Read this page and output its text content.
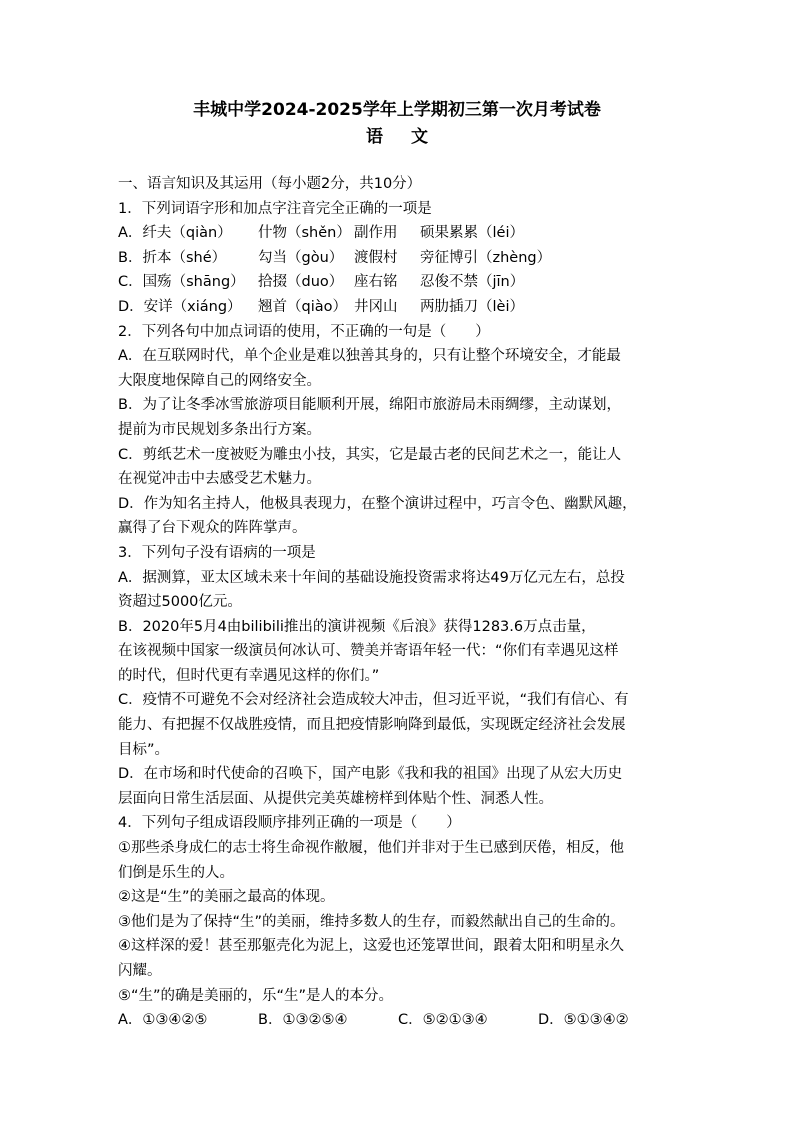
丰城中学2024-2025学年上学期初三第一次月考试卷
语 文
一、语言知识及其运用（每小题2分，共10分）
1．下列词语字形和加点字注音完全正确的一项是
A．纤夫（qiàn）	什物（shěn） 副作用	硕果累累（léi）
B．折本（shé）	勾当（gòu） 渡假村	旁征博引（zhèng）
C．国殇（shāng） 拾掇（duo） 座右铭	忍俊不禁（jīn）
D．安详（xiáng）	翘首（qiào） 井冈山	两肋插刀（lèi）
2．下列各句中加点词语的使用，不正确的一句是（　　）
A．在互联网时代，单个企业是难以独善其身的，只有让整个环境安全，才能最
大限度地保障自己的网络安全。
B．为了让冬季冰雪旅游项目能顺利开展，绵阳市旅游局未雨绸缪，主动谋划，
提前为市民规划多条出行方案。
C．剪纸艺术一度被贬为雕虫小技，其实，它是最古老的民间艺术之一，能让人
在视觉冲击中去感受艺术魅力。
D．作为知名主持人，他极具表现力，在整个演讲过程中，巧言令色、幽默风趣，
赢得了台下观众的阵阵掌声。
3．下列句子没有语病的一项是
A．据测算，亚太区域未来十年间的基础设施投资需求将达49万亿元左右，总投
资超过5000亿元。
B．2020年5月4由bilibili推出的演讲视频《后浪》获得1283.6万点击量，
在该视频中国家一级演员何冰认可、赞美并寄语年轻一代：“你们有幸遇见这样
的时代，但时代更有幸遇见这样的你们。”
C．疫情不可避免不会对经济社会造成较大冲击，但习近平说，“我们有信心、有
能力、有把握不仅战胜疫情，而且把疫情影响降到最低，实现既定经济社会发展
目标”。
D．在市场和时代使命的召唤下，国产电影《我和我的祖国》出现了从宏大历史
层面向日常生活层面、从提供完美英雄榜样到体贴个性、洞悉人性。
4．下列句子组成语段顺序排列正确的一项是（　　）
①那些杀身成仁的志士将生命视作敝履，他们并非对于生已感到厌倦，相反，他
们倒是乐生的人。
②这是“生”的美丽之最高的体现。
③他们是为了保持“生”的美丽，维持多数人的生存，而毅然献出自己的生命的。
④这样深的爱！甚至那躯壳化为泥上，这爱也还笼罩世间，跟着太阳和明星永久
闪耀。
⑤“生”的确是美丽的，乐“生”是人的本分。
A．①③④②⑤	B．①③②⑤④	C．⑤②①③④	D．⑤①③④②
